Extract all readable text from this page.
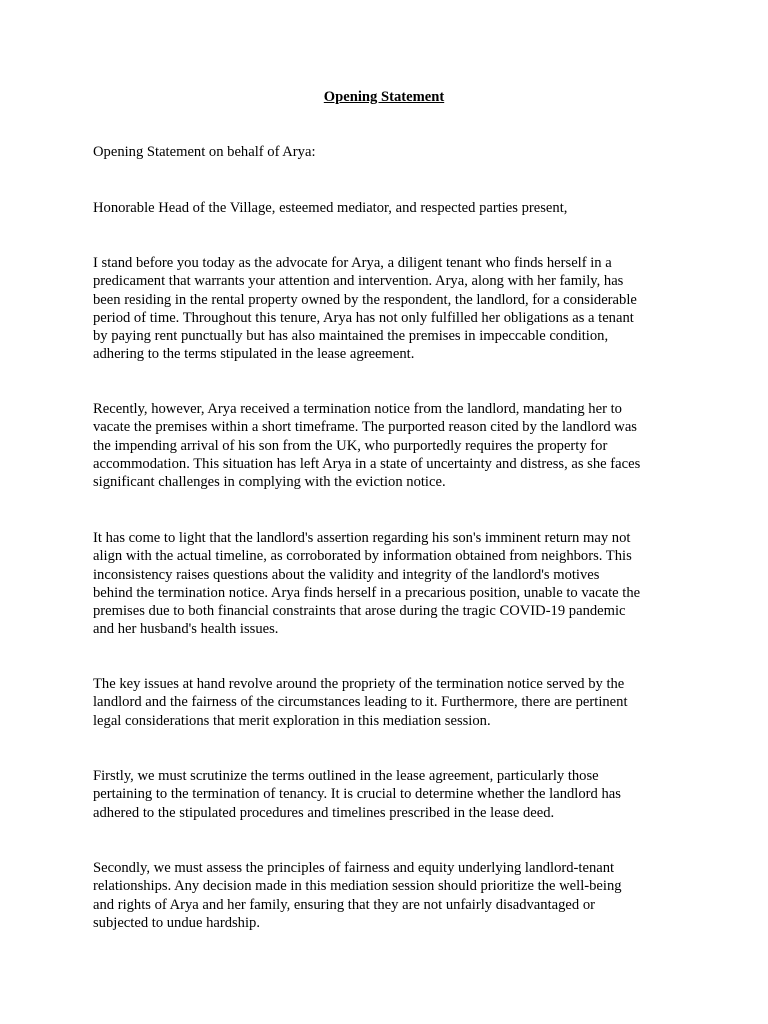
Opening Statement

Opening Statement on behalf of Arya:

Honorable Head of the Village, esteemed mediator, and respected parties present,

I stand before you today as the advocate for Arya, a diligent tenant who finds herself in a
predicament that warrants your attention and intervention. Arya, along with her family, has
been residing in the rental property owned by the respondent, the landlord, for a considerable
period of time. Throughout this tenure, Arya has not only fulfilled her obligations as a tenant
by paying rent punctually but has also maintained the premises in impeccable condition,
adhering to the terms stipulated in the lease agreement.

Recently, however, Arya received a termination notice from the landlord, mandating her to
vacate the premises within a short timeframe. The purported reason cited by the landlord was
the impending arrival of his son from the UK, who purportedly requires the property for
accommodation. This situation has left Arya in a state of uncertainty and distress, as she faces
significant challenges in complying with the eviction notice.

It has come to light that the landlord's assertion regarding his son's imminent return may not
align with the actual timeline, as corroborated by information obtained from neighbors. This
inconsistency raises questions about the validity and integrity of the landlord's motives
behind the termination notice. Arya finds herself in a precarious position, unable to vacate the
premises due to both financial constraints that arose during the tragic COVID-19 pandemic
and her husband's health issues.

The key issues at hand revolve around the propriety of the termination notice served by the
landlord and the fairness of the circumstances leading to it. Furthermore, there are pertinent
legal considerations that merit exploration in this mediation session.

Firstly, we must scrutinize the terms outlined in the lease agreement, particularly those
pertaining to the termination of tenancy. It is crucial to determine whether the landlord has
adhered to the stipulated procedures and timelines prescribed in the lease deed.

Secondly, we must assess the principles of fairness and equity underlying landlord-tenant
relationships. Any decision made in this mediation session should prioritize the well-being
and rights of Arya and her family, ensuring that they are not unfairly disadvantaged or
subjected to undue hardship.
